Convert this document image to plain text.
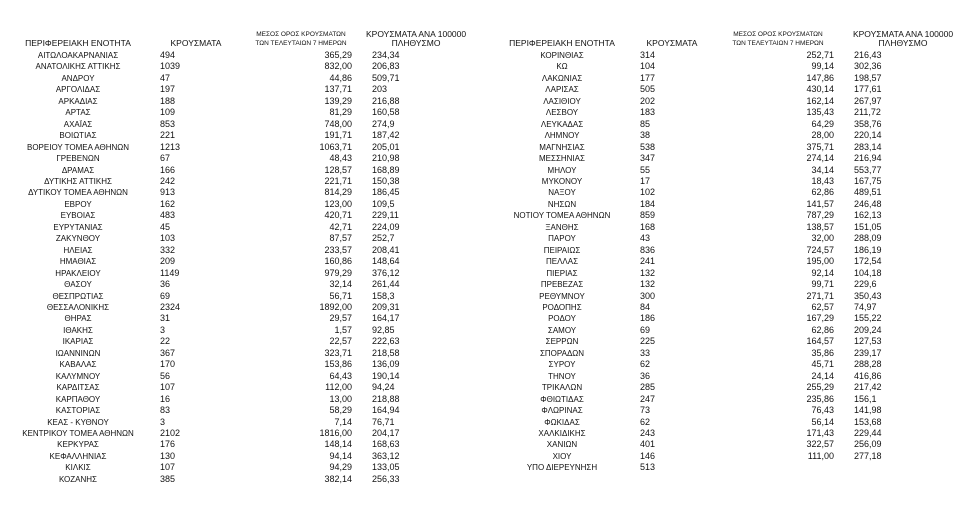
ΠΕΡΙΦΕΡΕΙΑΚΗ ΕΝΟΤΗΤΑ	ΚΡΟΥΣΜΑΤΑ	ΜΕΣΟΣ ΟΡΟΣ ΚΡΟΥΣΜΑΤΩΝ
ΤΩΝ ΤΕΛΕΥΤΑΙΩΝ 7 ΗΜΕΡΩΝ	ΚΡΟΥΣΜΑΤΑ ΑΝΑ 100000
ΠΛΗΘΥΣΜΟ
ΑΙΤΩΛΟΑΚΑΡΝΑΝΙΑΣ	494	365,29	234,34
ΑΝΑΤΟΛΙΚΗΣ ΑΤΤΙΚΗΣ	1039	832,00	206,83
ΑΝΔΡΟΥ	47	44,86	509,71
ΑΡΓΟΛΙΔΑΣ	197	137,71	203
ΑΡΚΑΔΙΑΣ	188	139,29	216,88
ΑΡΤΑΣ	109	81,29	160,58
ΑΧΑΪΑΣ	853	748,00	274,9
ΒΟΙΩΤΙΑΣ	221	191,71	187,42
ΒΟΡΕΙΟΥ ΤΟΜΕΑ ΑΘΗΝΩΝ	1213	1063,71	205,01
ΓΡΕΒΕΝΩΝ	67	48,43	210,98
ΔΡΑΜΑΣ	166	128,57	168,89
ΔΥΤΙΚΗΣ ΑΤΤΙΚΗΣ	242	221,71	150,38
ΔΥΤΙΚΟΥ ΤΟΜΕΑ ΑΘΗΝΩΝ	913	814,29	186,45
ΕΒΡΟΥ	162	123,00	109,5
ΕΥΒΟΙΑΣ	483	420,71	229,11
ΕΥΡΥΤΑΝΙΑΣ	45	42,71	224,09
ΖΑΚΥΝΘΟΥ	103	87,57	252,7
ΗΛΕΙΑΣ	332	233,57	208,41
ΗΜΑΘΙΑΣ	209	160,86	148,64
ΗΡΑΚΛΕΙΟΥ	1149	979,29	376,12
ΘΑΣΟΥ	36	32,14	261,44
ΘΕΣΠΡΩΤΙΑΣ	69	56,71	158,3
ΘΕΣΣΑΛΟΝΙΚΗΣ	2324	1892,00	209,31
ΘΗΡΑΣ	31	29,57	164,17
ΙΘΑΚΗΣ	3	1,57	92,85
ΙΚΑΡΙΑΣ	22	22,57	222,63
ΙΩΑΝΝΙΝΩΝ	367	323,71	218,58
ΚΑΒΑΛΑΣ	170	153,86	136,09
ΚΑΛΥΜΝΟΥ	56	64,43	190,14
ΚΑΡΔΙΤΣΑΣ	107	112,00	94,24
ΚΑΡΠΑΘΟΥ	16	13,00	218,88
ΚΑΣΤΟΡΙΑΣ	83	58,29	164,94
ΚΕΑΣ - ΚΥΘΝΟΥ	3	7,14	76,71
ΚΕΝΤΡΙΚΟΥ ΤΟΜΕΑ ΑΘΗΝΩΝ	2102	1816,00	204,17
ΚΕΡΚΥΡΑΣ	176	148,14	168,63
ΚΕΦΑΛΛΗΝΙΑΣ	130	94,14	363,12
ΚΙΛΚΙΣ	107	94,29	133,05
ΚΟΖΑΝΗΣ	385	382,14	256,33
ΠΕΡΙΦΕΡΕΙΑΚΗ ΕΝΟΤΗΤΑ	ΚΡΟΥΣΜΑΤΑ	ΜΕΣΟΣ ΟΡΟΣ ΚΡΟΥΣΜΑΤΩΝ
ΤΩΝ ΤΕΛΕΥΤΑΙΩΝ 7 ΗΜΕΡΩΝ	ΚΡΟΥΣΜΑΤΑ ΑΝΑ 100000
ΠΛΗΘΥΣΜΟ
ΚΟΡΙΝΘΙΑΣ	314	252,71	216,43
ΚΩ	104	99,14	302,36
ΛΑΚΩΝΙΑΣ	177	147,86	198,57
ΛΑΡΙΣΑΣ	505	430,14	177,61
ΛΑΣΙΘΙΟΥ	202	162,14	267,97
ΛΕΣΒΟΥ	183	135,43	211,72
ΛΕΥΚΑΔΑΣ	85	64,29	358,76
ΛΗΜΝΟΥ	38	28,00	220,14
ΜΑΓΝΗΣΙΑΣ	538	375,71	283,14
ΜΕΣΣΗΝΙΑΣ	347	274,14	216,94
ΜΗΛΟΥ	55	34,14	553,77
ΜΥΚΟΝΟΥ	17	18,43	167,75
ΝΑΞΟΥ	102	62,86	489,51
ΝΗΣΩΝ	184	141,57	246,48
ΝΟΤΙΟΥ ΤΟΜΕΑ ΑΘΗΝΩΝ	859	787,29	162,13
ΞΑΝΘΗΣ	168	138,57	151,05
ΠΑΡΟΥ	43	32,00	288,09
ΠΕΙΡΑΙΩΣ	836	724,57	186,19
ΠΕΛΛΑΣ	241	195,00	172,54
ΠΙΕΡΙΑΣ	132	92,14	104,18
ΠΡΕΒΕΖΑΣ	132	99,71	229,6
ΡΕΘΥΜΝΟΥ	300	271,71	350,43
ΡΟΔΟΠΗΣ	84	62,57	74,97
ΡΟΔΟΥ	186	167,29	155,22
ΣΑΜΟΥ	69	62,86	209,24
ΣΕΡΡΩΝ	225	164,57	127,53
ΣΠΟΡΑΔΩΝ	33	35,86	239,17
ΣΥΡΟΥ	62	45,71	288,28
ΤΗΝΟΥ	36	24,14	416,86
ΤΡΙΚΑΛΩΝ	285	255,29	217,42
ΦΘΙΩΤΙΔΑΣ	247	235,86	156,1
ΦΛΩΡΙΝΑΣ	73	76,43	141,98
ΦΩΚΙΔΑΣ	62	56,14	153,68
ΧΑΛΚΙΔΙΚΗΣ	243	171,43	229,44
ΧΑΝΙΩΝ	401	322,57	256,09
ΧΙΟΥ	146	111,00	277,18
ΥΠΟ ΔΙΕΡΕΥΝΗΣΗ	513		
